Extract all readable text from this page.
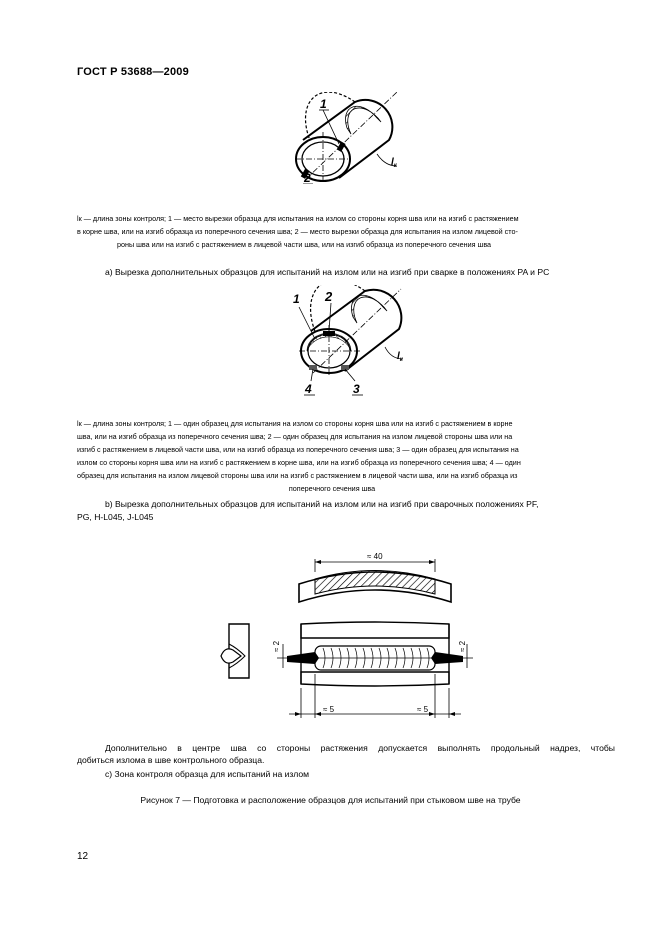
ГОСТ Р 53688—2009
1
2
$l_к$

lк — длина зоны контроля; 1 — место вырезки образца для испытания на излом со стороны корня шва или на изгиб с растяжением

в корне шва, или на изгиб образца из поперечного сечения шва; 2 — место вырезки образца для испытания на излом лицевой сто-

роны шва или на изгиб с растяжением в лицевой части шва, или на изгиб образца из поперечного сечения шва

a) Вырезка дополнительных образцов для испытаний на излом или на изгиб при сварке в положениях PA и PC
1 2
4	3
$l_к$

lк — длина зоны контроля; 1 — один образец для испытания на излом со стороны корня шва или на изгиб с растяжением в корне

шва, или на изгиб образца из поперечного сечения шва; 2 — один образец для испытания на излом лицевой стороны шва или на

изгиб с растяжением в лицевой части шва, или на изгиб образца из поперечного сечения шва; 3 — один образец для испытания на

излом со стороны корня шва или на изгиб с растяжением в корне шва, или на изгиб образца из поперечного сечения шва; 4 — один

образец для испытания на излом лицевой стороны шва или на изгиб с растяжением в лицевой части шва, или на изгиб образца из

поперечного сечения шва

b) Вырезка дополнительных образцов для испытаний на излом или на изгиб при сварочных положениях PF,
PG, H-L045, J-L045
≈ 40
≈ 2	≈ 2
≈ 5	≈ 5
Дополнительно в центре шва со стороны растяжения допускается выполнять продольный надрез, чтобы
добиться излома в шве контрольного образца.
c) Зона контроля образца для испытаний на излом
Рисунок 7 — Подготовка и расположение образцов для испытаний при стыковом шве на трубе
12
